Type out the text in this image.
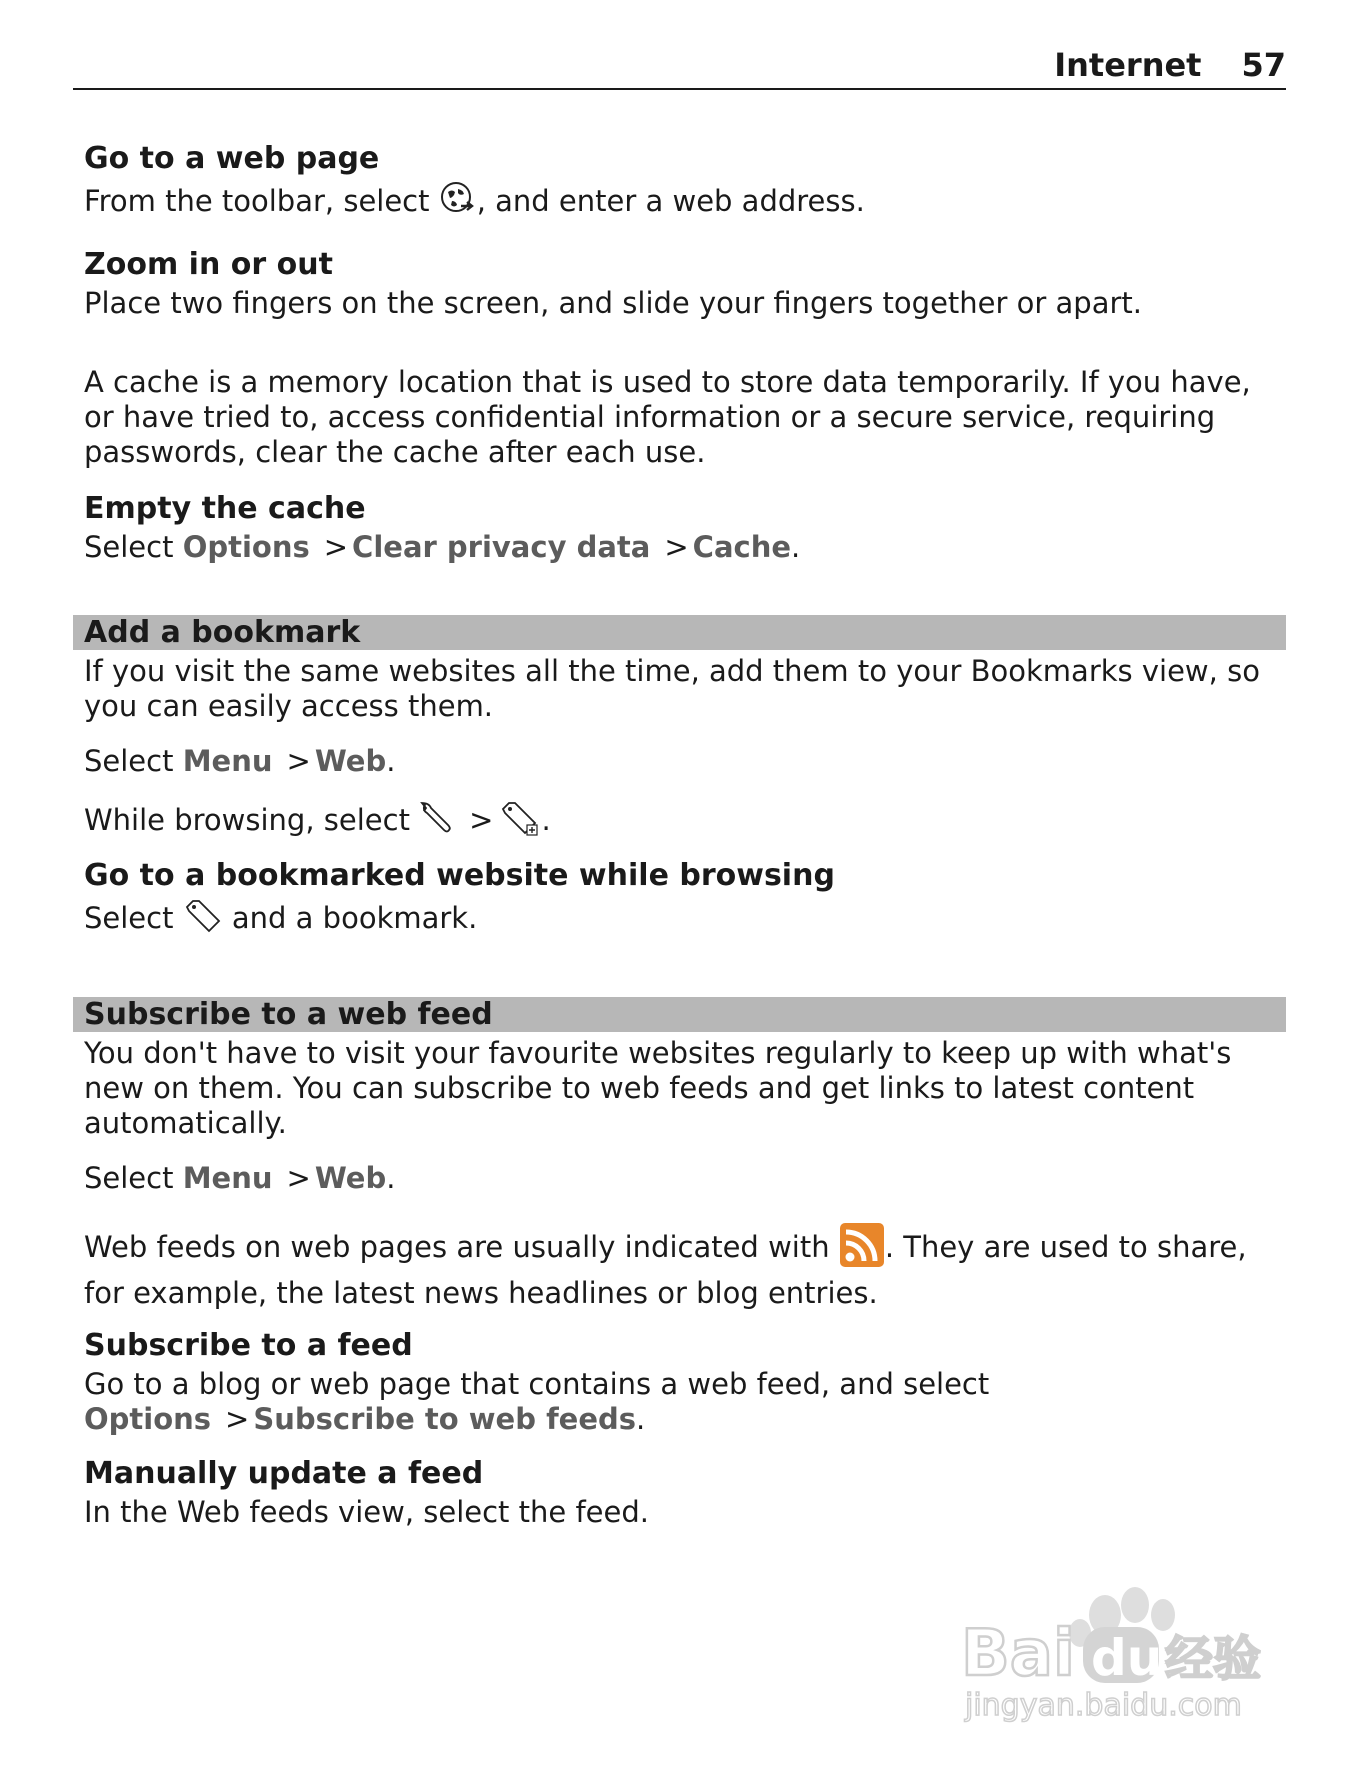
Internet 57
Go to a web page

From the toolbar, select , and enter a web address.

Zoom in or out

Place two fingers on the screen, and slide your fingers together or apart.

A cache is a memory location that is used to store data temporarily. If you have, or have tried to, access confidential information or a secure service, requiring passwords, clear the cache after each use.

Empty the cache

Select Options > Clear privacy data > Cache.

Add a bookmark

If you visit the same websites all the time, add them to your Bookmarks view, so you can easily access them.

Select Menu > Web.

While browsing, select > .

Go to a bookmarked website while browsing

Select and a bookmark.

Subscribe to a web feed

You don't have to visit your favourite websites regularly to keep up with what's new on them. You can subscribe to web feeds and get links to latest content automatically.

Select Menu > Web.

Web feeds on web pages are usually indicated with . They are used to share, for example, the latest news headlines or blog entries.

Subscribe to a feed

Go to a blog or web page that contains a web feed, and select Options > Subscribe to web feeds.

Manually update a feed

In the Web feeds view, select the feed.

Bai du 经验
jingyan.baidu.com
